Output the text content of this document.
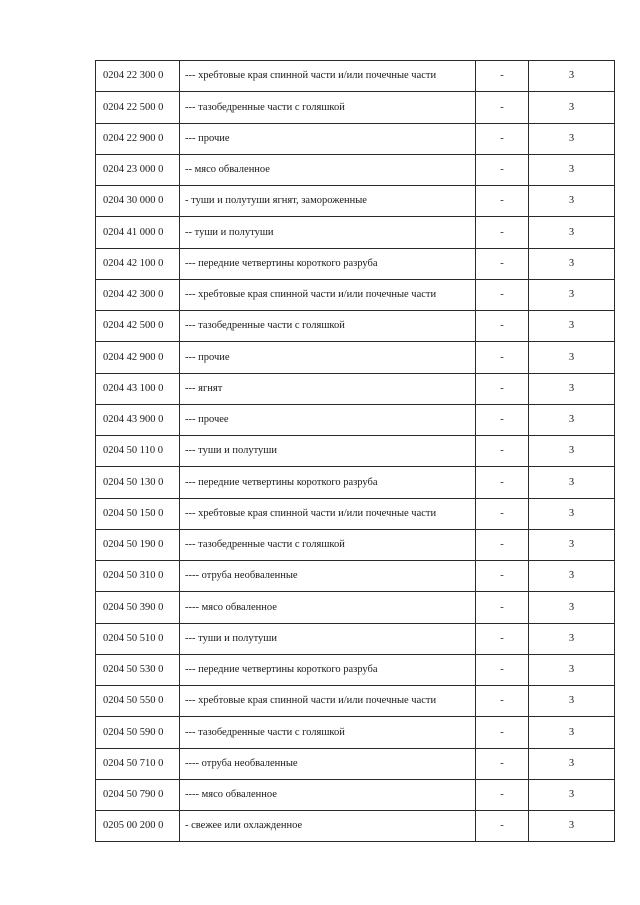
0204 22 300 0	--- хребтовые края спинной части и/или почечные части	-	3
0204 22 500 0	--- тазобедренные части с голяшкой	-	3
0204 22 900 0	--- прочие	-	3
0204 23 000 0	-- мясо обваленное	-	3
0204 30 000 0	- туши и полутуши ягнят, замороженные	-	3
0204 41 000 0	-- туши и полутуши	-	3
0204 42 100 0	--- передние четвертины короткого разруба	-	3
0204 42 300 0	--- хребтовые края спинной части и/или почечные части	-	3
0204 42 500 0	--- тазобедренные части с голяшкой	-	3
0204 42 900 0	--- прочие	-	3
0204 43 100 0	--- ягнят	-	3
0204 43 900 0	--- прочее	-	3
0204 50 110 0	--- туши и полутуши	-	3
0204 50 130 0	--- передние четвертины короткого разруба	-	3
0204 50 150 0	--- хребтовые края спинной части и/или почечные части	-	3
0204 50 190 0	--- тазобедренные части с голяшкой	-	3
0204 50 310 0	---- отруба необваленные	-	3
0204 50 390 0	---- мясо обваленное	-	3
0204 50 510 0	--- туши и полутуши	-	3
0204 50 530 0	--- передние четвертины короткого разруба	-	3
0204 50 550 0	--- хребтовые края спинной части и/или почечные части	-	3
0204 50 590 0	--- тазобедренные части с голяшкой	-	3
0204 50 710 0	---- отруба необваленные	-	3
0204 50 790 0	---- мясо обваленное	-	3
0205 00 200 0	- свежее или охлажденное	-	3
